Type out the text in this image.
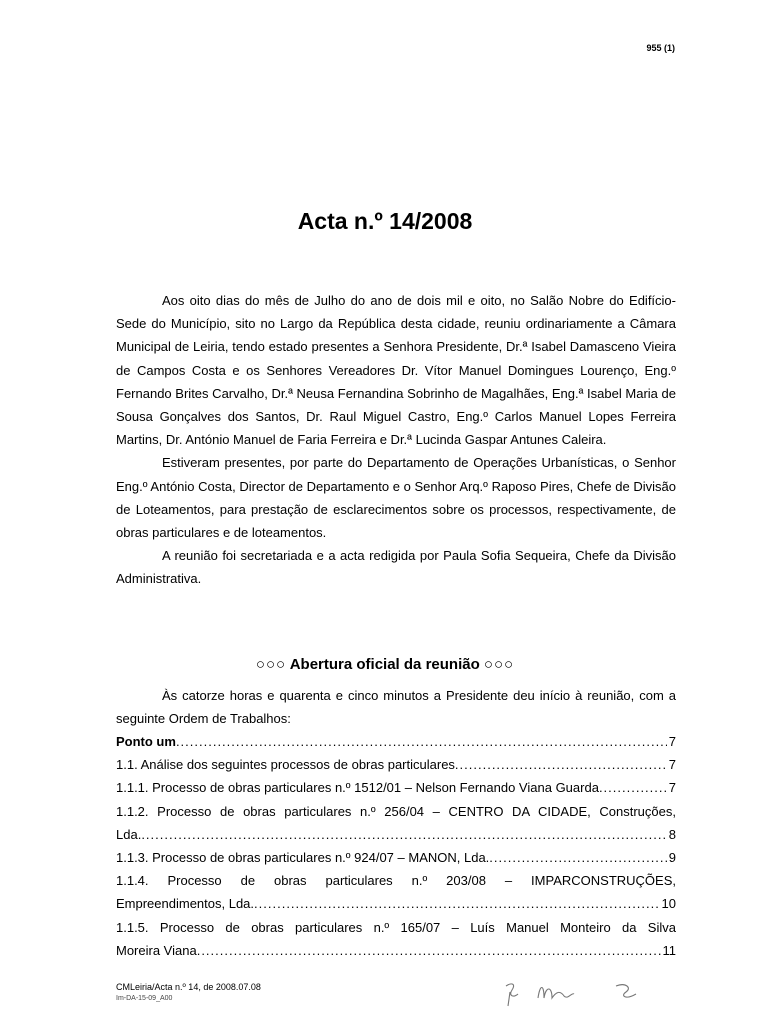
955 (1)
Acta n.º 14/2008

Aos oito dias do mês de Julho do ano de dois mil e oito, no Salão Nobre do Edifício-Sede do Município, sito no Largo da República desta cidade, reuniu ordinariamente a Câmara Municipal de Leiria, tendo estado presentes a Senhora Presidente, Dr.ª Isabel Damasceno Vieira de Campos Costa e os Senhores Vereadores Dr. Vítor Manuel Domingues Lourenço, Eng.º Fernando Brites Carvalho, Dr.ª Neusa Fernandina Sobrinho de Magalhães, Eng.ª Isabel Maria de Sousa Gonçalves dos Santos, Dr. Raul Miguel Castro, Eng.º Carlos Manuel Lopes Ferreira Martins, Dr. António Manuel de Faria Ferreira e Dr.ª Lucinda Gaspar Antunes Caleira.

Estiveram presentes, por parte do Departamento de Operações Urbanísticas, o Senhor Eng.º António Costa, Director de Departamento e o Senhor Arq.º Raposo Pires, Chefe de Divisão de Loteamentos, para prestação de esclarecimentos sobre os processos, respectivamente, de obras particulares e de loteamentos.

A reunião foi secretariada e a acta redigida por Paula Sofia Sequeira, Chefe da Divisão Administrativa.

○○○ Abertura oficial da reunião ○○○

Às catorze horas e quarenta e cinco minutos a Presidente deu início à reunião, com a seguinte Ordem de Trabalhos:

Ponto um .....	7
1.1. Análise dos seguintes processos de obras particulares .....	7
1.1.1. Processo de obras particulares n.º 1512/01 – Nelson Fernando Viana Guarda .....	7
1.1.2. Processo de obras particulares n.º 256/04 – CENTRO DA CIDADE, Construções,
Lda. .....	8
1.1.3. Processo de obras particulares n.º 924/07 – MANON, Lda. .....	9
1.1.4. Processo de obras particulares n.º 203/08 – IMPARCONSTRUÇÕES,
Empreendimentos, Lda. .....	10
1.1.5. Processo de obras particulares n.º 165/07 – Luís Manuel Monteiro da Silva
Moreira Viana .....	11
CMLeiria/Acta n.º 14, de 2008.07.08
Im-DA-15-09_A00
